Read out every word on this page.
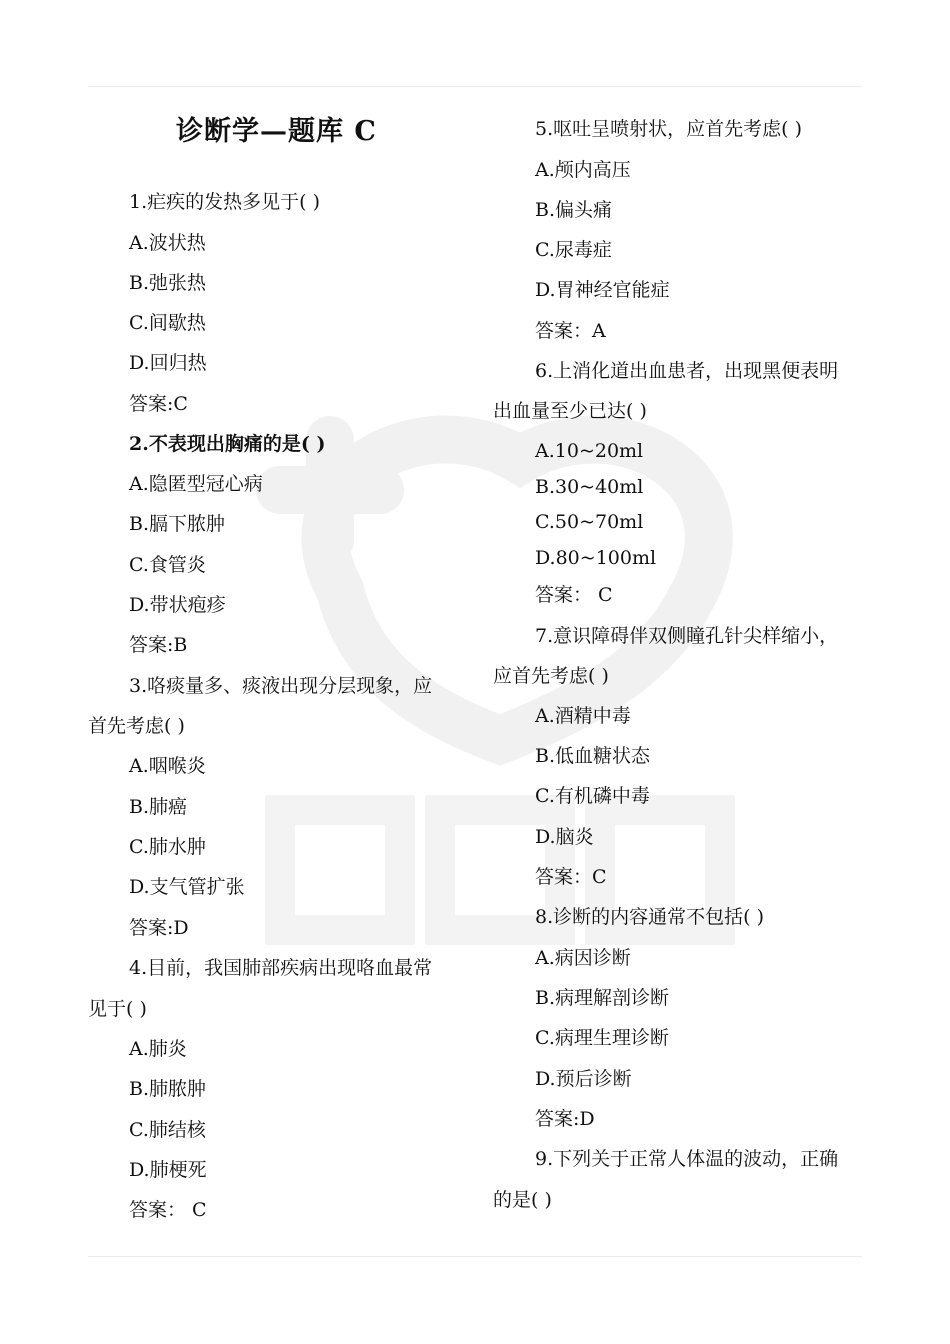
诊断学—题库 C
1.疟疾的发热多见于( )
A.波状热
B.弛张热
C.间歇热
D.回归热
答案:C
2.不表现出胸痛的是( )
A.隐匿型冠心病
B.膈下脓肿
C.食管炎
D.带状疱疹
答案:B
3.咯痰量多、痰液出现分层现象，应
首先考虑( )
A.咽喉炎
B.肺癌
C.肺水肿
D.支气管扩张
答案:D
4.目前，我国肺部疾病出现咯血最常
见于( )
A.肺炎
B.肺脓肿
C.肺结核
D.肺梗死
答案： C
5.呕吐呈喷射状，应首先考虑( )
A.颅内高压
B.偏头痛
C.尿毒症
D.胃神经官能症
答案：A
6.上消化道出血患者，出现黑便表明
出血量至少已达( )
A.10~20ml
B.30~40ml
C.50~70ml
D.80~100ml
答案： C
7.意识障碍伴双侧瞳孔针尖样缩小，
应首先考虑( )
A.酒精中毒
B.低血糖状态
C.有机磷中毒
D.脑炎
答案：C
8.诊断的内容通常不包括( )
A.病因诊断
B.病理解剖诊断
C.病理生理诊断
D.预后诊断
答案:D
9.下列关于正常人体温的波动，正确
的是( )
